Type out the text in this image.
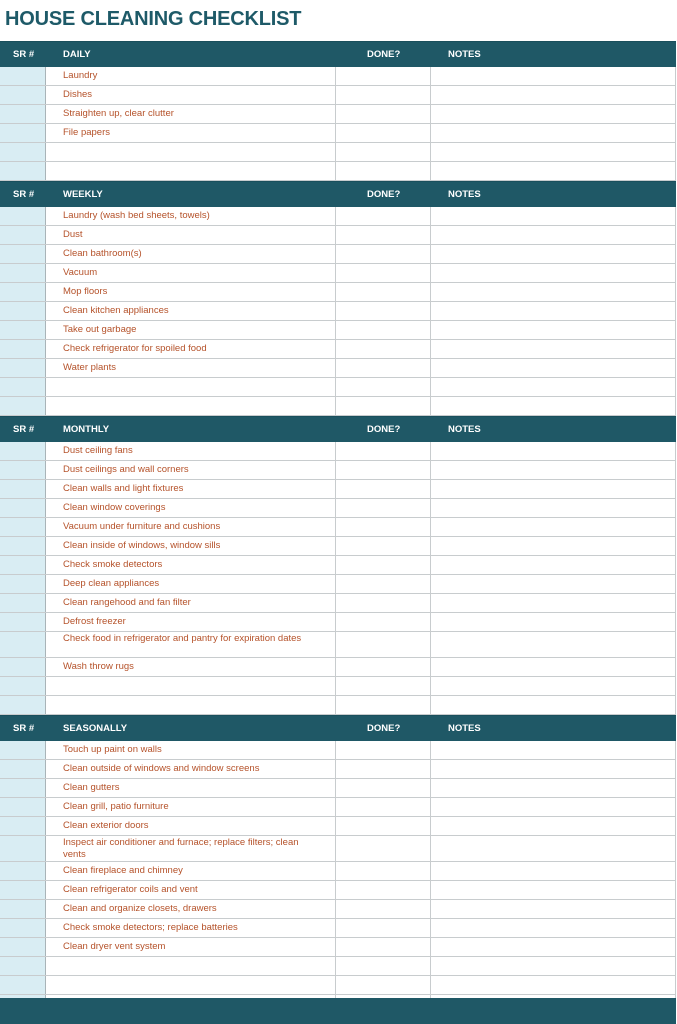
HOUSE CLEANING CHECKLIST
SR #	DAILY	DONE?	NOTES
Laundry
Dishes
Straighten up, clear clutter
File papers
SR #	WEEKLY	DONE?	NOTES
Laundry (wash bed sheets, towels)
Dust
Clean bathroom(s)
Vacuum
Mop floors
Clean kitchen appliances
Take out garbage
Check refrigerator for spoiled food
Water plants
SR #	MONTHLY	DONE?	NOTES
Dust ceiling fans
Dust ceilings and wall corners
Clean walls and light fixtures
Clean window coverings
Vacuum under furniture and cushions
Clean inside of windows, window sills
Check smoke detectors
Deep clean appliances
Clean rangehood and fan filter
Defrost freezer
Check food in refrigerator and pantry for expiration dates
Wash throw rugs
SR #	SEASONALLY	DONE?	NOTES
Touch up paint on walls
Clean outside of windows and window screens
Clean gutters
Clean grill, patio furniture
Clean exterior doors
Inspect air conditioner and furnace; replace filters; clean vents
Clean fireplace and chimney
Clean refrigerator coils and vent
Clean and organize closets, drawers
Check smoke detectors; replace batteries
Clean dryer vent system
